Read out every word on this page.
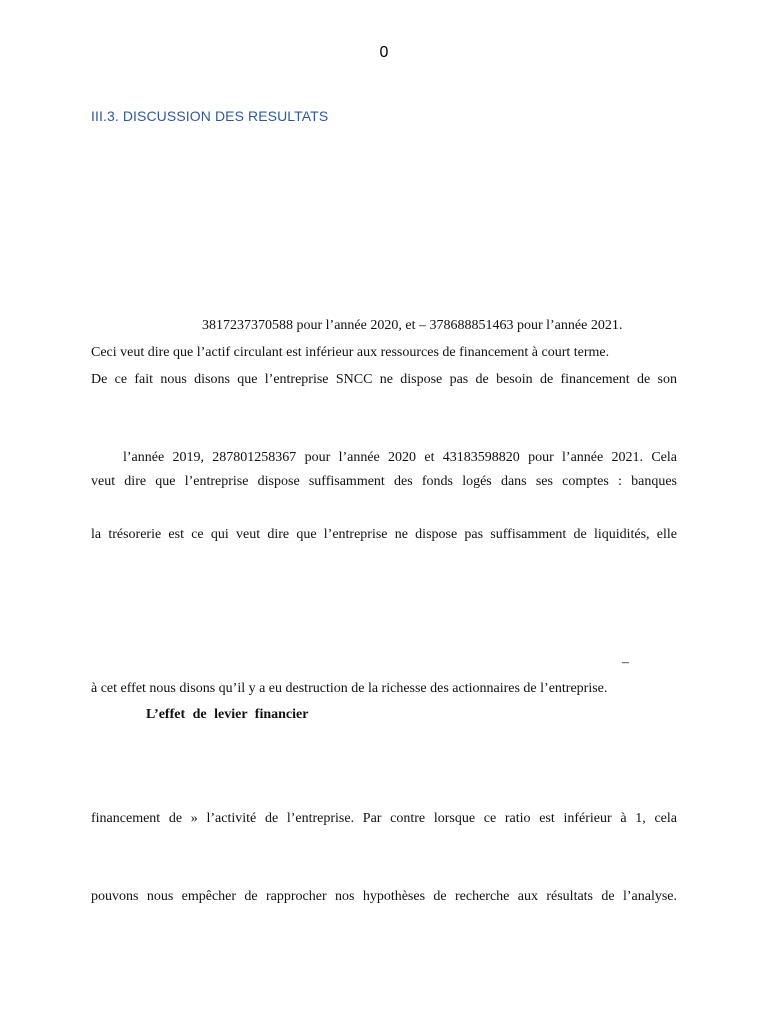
0
III.3. DISCUSSION DES RESULTATS
3817237370588 pour l’année 2020, et – 378688851463 pour l’année 2021.
Ceci veut dire que l’actif circulant est inférieur aux ressources de financement à court terme.
De ce fait nous disons que l’entreprise SNCC ne dispose pas de besoin de financement de son
l’année 2019, 287801258367 pour l’année 2020 et 43183598820 pour l’année 2021. Cela
veut dire que l’entreprise dispose suffisamment des fonds logés dans ses comptes : banques
la trésorerie est ce qui veut dire que l’entreprise ne dispose pas suffisamment de liquidités, elle
–
à cet effet nous disons qu’il y a eu destruction de la richesse des actionnaires de l’entreprise.
L’effet de levier financier
financement de » l’activité de l’entreprise. Par contre lorsque ce ratio est inférieur à 1, cela
pouvons nous empêcher de rapprocher nos hypothèses de recherche aux résultats de l’analyse.
